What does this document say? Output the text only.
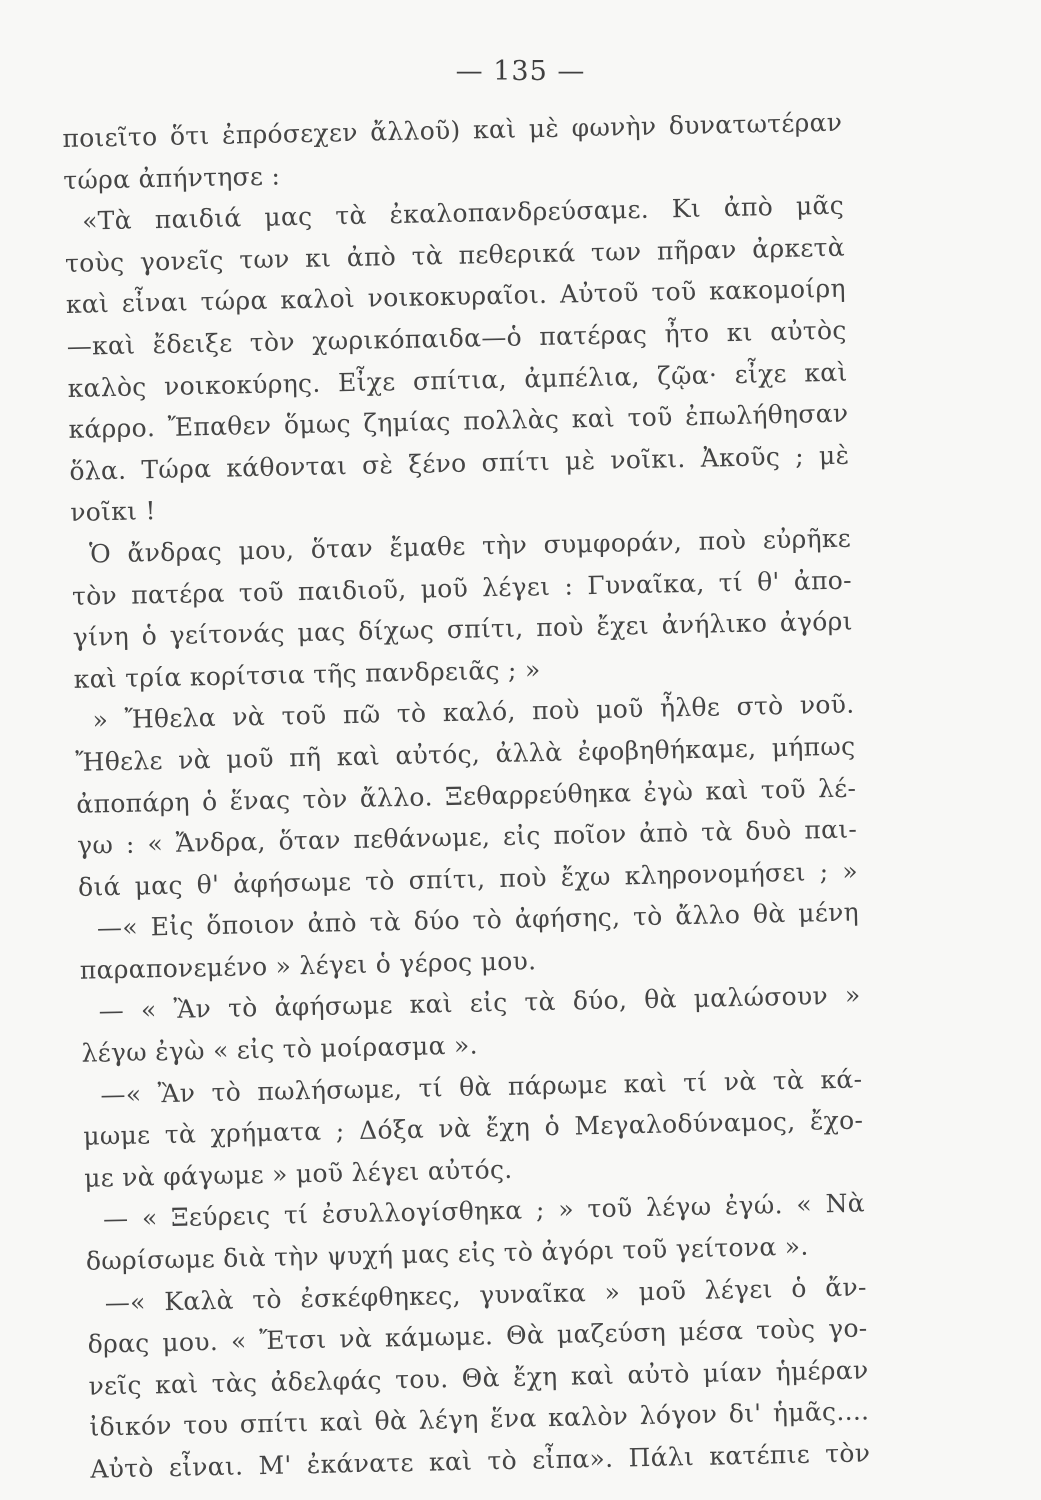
— 135 —
ποιεῖτο ὅτι ἐπρόσεχεν ἄλλοῦ) καὶ μὲ φωνὴν δυνατωτέραν
τώρα ἀπήντησε :
«Τὰ παιδιά μας τὰ ἐκαλοπανδρεύσαμε. Κι ἀπὸ μᾶς
τοὺς γονεῖς των κι ἀπὸ τὰ πεθερικά των πῆραν ἀρκετὰ
καὶ εἶναι τώρα καλοὶ νοικοκυραῖοι. Αὐτοῦ τοῦ κακομοίρη
—καὶ ἔδειξε τὸν χωρικόπαιδα—ὁ πατέρας ἦτο κι αὐτὸς
καλὸς νοικοκύρης. Εἶχε σπίτια, ἀμπέλια, ζῷα· εἶχε καὶ
κάρρο. Ἔπαθεν ὅμως ζημίας πολλὰς καὶ τοῦ ἐπωλήθησαν
ὅλα. Τώρα κάθονται σὲ ξένο σπίτι μὲ νοῖκι. Ἀκοῦς ; μὲ
νοῖκι !
Ὁ ἄνδρας μου, ὅταν ἔμαθε τὴν συμφοράν, ποὺ εὐρῆκε
τὸν πατέρα τοῦ παιδιοῦ, μοῦ λέγει : Γυναῖκα, τί θ' ἀπο-
γίνη ὁ γείτονάς μας δίχως σπίτι, ποὺ ἔχει ἀνήλικο ἀγόρι
καὶ τρία κορίτσια τῆς πανδρειᾶς ; »
» Ἤθελα νὰ τοῦ πῶ τὸ καλό, ποὺ μοῦ ἦλθε στὸ νοῦ.
Ἤθελε νὰ μοῦ πῆ καὶ αὐτός, ἀλλὰ ἐφοβηθήκαμε, μήπως
ἀποπάρη ὁ ἕνας τὸν ἄλλο. Ξεθαρρεύθηκα ἐγὼ καὶ τοῦ λέ-
γω : « Ἄνδρα, ὅταν πεθάνωμε, εἰς ποῖον ἀπὸ τὰ δυὸ παι-
διά μας θ' ἀφήσωμε τὸ σπίτι, ποὺ ἔχω κληρονομήσει ; »
—« Εἰς ὅποιον ἀπὸ τὰ δύο τὸ ἀφήσης, τὸ ἄλλο θὰ μένη
παραπονεμένο » λέγει ὁ γέρος μου.
— « Ἂν τὸ ἀφήσωμε καὶ εἰς τὰ δύο, θὰ μαλώσουν »
λέγω ἐγὼ « εἰς τὸ μοίρασμα ».
—« Ἂν τὸ πωλήσωμε, τί θὰ πάρωμε καὶ τί νὰ τὰ κά-
μωμε τὰ χρήματα ; Δόξα νὰ ἔχη ὁ Μεγαλοδύναμος, ἔχο-
με νὰ φάγωμε » μοῦ λέγει αὐτός.
— « Ξεύρεις τί ἐσυλλογίσθηκα ; » τοῦ λέγω ἐγώ. « Νὰ
δωρίσωμε διὰ τὴν ψυχή μας εἰς τὸ ἀγόρι τοῦ γείτονα ».
—« Καλὰ τὸ ἐσκέφθηκες, γυναῖκα » μοῦ λέγει ὁ ἄν-
δρας μου. « Ἔτσι νὰ κάμωμε. Θὰ μαζεύση μέσα τοὺς γο-
νεῖς καὶ τὰς ἀδελφάς του. Θὰ ἔχη καὶ αὐτὸ μίαν ἡμέραν
ἰδικόν του σπίτι καὶ θὰ λέγη ἕνα καλὸν λόγον δι' ἡμᾶς....
Αὐτὸ εἶναι. Μ' ἐκάνατε καὶ τὸ εἶπα». Πάλι κατέπιε τὸν
